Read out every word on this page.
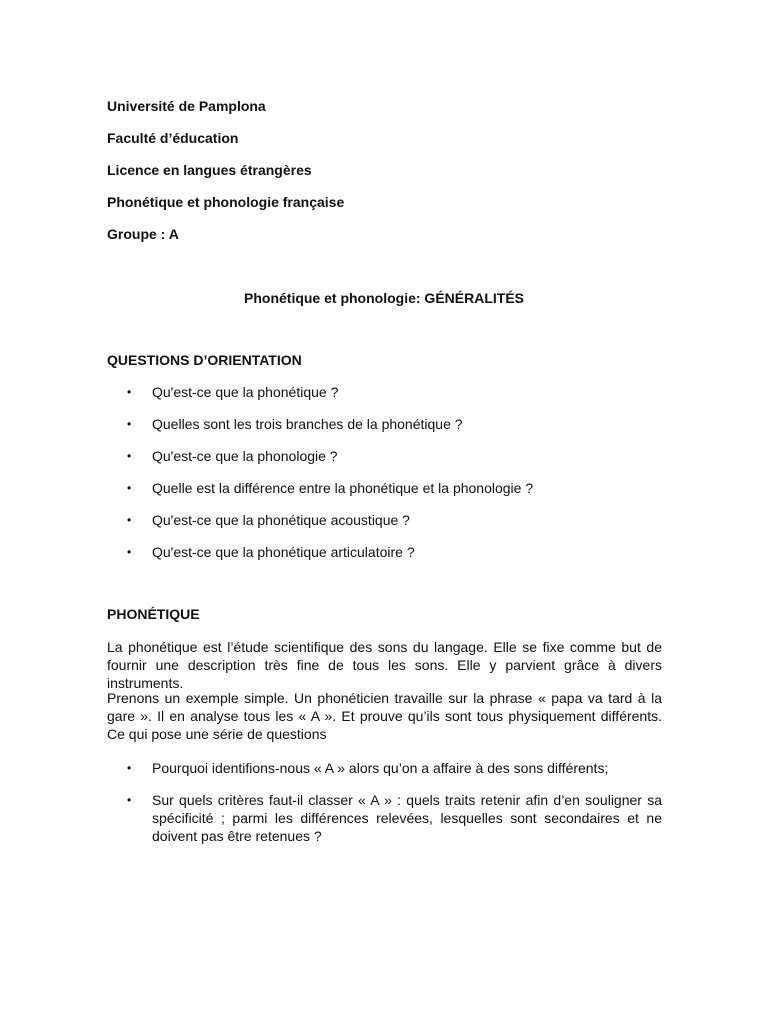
Université de Pamplona
Faculté d’éducation
Licence en langues étrangères
Phonétique et phonologie française
Groupe : A
Phonétique et phonologie: GÉNÉRALITÉS
QUESTIONS D’ORIENTATION
• Qu'est-ce que la phonétique ?
• Quelles sont les trois branches de la phonétique ?
• Qu'est-ce que la phonologie ?
• Quelle est la différence entre la phonétique et la phonologie ?
• Qu'est-ce que la phonétique acoustique ?
• Qu'est-ce que la phonétique articulatoire ?
PHONÉTIQUE

La phonétique est l’étude scientifique des sons du langage. Elle se fixe comme but de fournir une description très fine de tous les sons. Elle y parvient grâce à divers instruments.

Prenons un exemple simple. Un phonéticien travaille sur la phrase « papa va tard à la gare ». Il en analyse tous les « A ». Et prouve qu’ils sont tous physiquement différents. Ce qui pose une série de questions

• Pourquoi identifions-nous « A » alors qu’on a affaire à des sons différents;
• Sur quels critères faut-il classer « A » : quels traits retenir afin d’en souligner sa spécificité ; parmi les différences relevées, lesquelles sont secondaires et ne doivent pas être retenues ?
